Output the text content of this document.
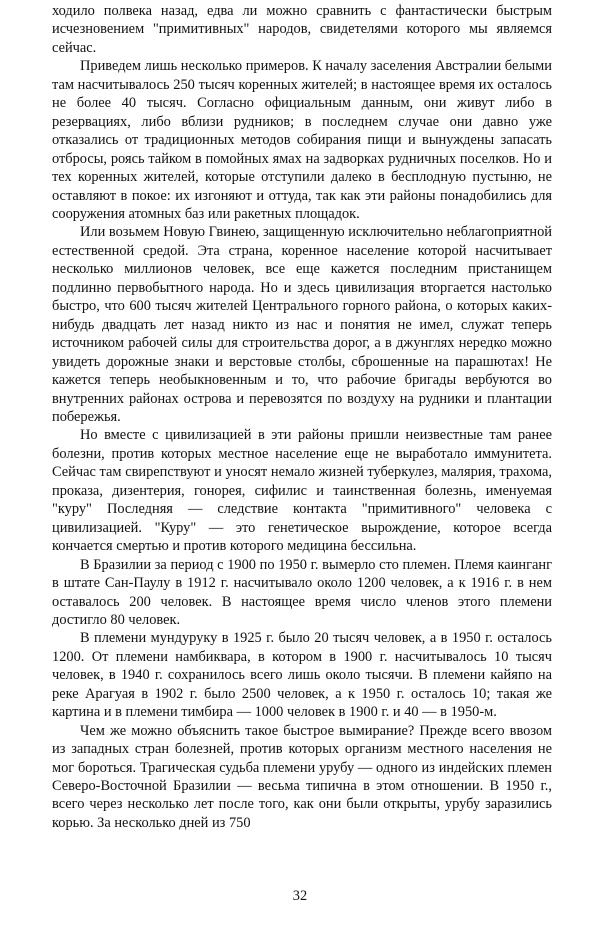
ходило полвека назад, едва ли можно сравнить с фантастически быстрым исчезновением "примитивных" народов, свидетелями которого мы являемся сейчас.

Приведем лишь несколько примеров. К началу заселения Австралии белыми там насчитывалось 250 тысяч коренных жителей; в настоящее время их осталось не более 40 тысяч. Согласно официальным данным, они живут либо в резервациях, либо вблизи рудников; в последнем случае они давно уже отказались от традиционных методов собирания пищи и вынуждены запасать отбросы, роясь тайком в помойных ямах на задворках рудничных поселков. Но и тех коренных жителей, которые отступили далеко в бесплодную пустыню, не оставляют в покое: их изгоняют и оттуда, так как эти районы понадобились для сооружения атомных баз или ракетных площадок.

Или возьмем Новую Гвинею, защищенную исключительно неблагоприятной естественной средой. Эта страна, коренное население которой насчитывает несколько миллионов человек, все еще кажется последним пристанищем подлинно первобытного народа. Но и здесь цивилизация вторгается настолько быстро, что 600 тысяч жителей Центрального горного района, о которых каких-нибудь двадцать лет назад никто из нас и понятия не имел, служат теперь источником рабочей силы для строительства дорог, а в джунглях нередко можно увидеть дорожные знаки и верстовые столбы, сброшенные на парашютах! Не кажется теперь необыкновенным и то, что рабочие бригады вербуются во внутренних районах острова и перевозятся по воздуху на рудники и плантации побережья.

Но вместе с цивилизацией в эти районы пришли неизвестные там ранее болезни, против которых местное население еще не выработало иммунитета. Сейчас там свирепствуют и уносят немало жизней туберкулез, малярия, трахома, проказа, дизентерия, гонорея, сифилис и таинственная болезнь, именуемая "куру" Последняя — следствие контакта "примитивного" человека с цивилизацией. "Куру" — это генетическое вырождение, которое всегда кончается смертью и против которого медицина бессильна.

В Бразилии за период с 1900 по 1950 г. вымерло сто племен. Племя каинганг в штате Сан-Паулу в 1912 г. насчитывало около 1200 человек, а к 1916 г. в нем оставалось 200 человек. В настоящее время число членов этого племени достигло 80 человек.

В племени мундуруку в 1925 г. было 20 тысяч человек, а в 1950 г. осталось 1200. От племени намбиквара, в котором в 1900 г. насчитывалось 10 тысяч человек, в 1940 г. сохранилось всего лишь около тысячи. В племени кайяпо на реке Арагуая в 1902 г. было 2500 человек, а к 1950 г. осталось 10; такая же картина и в племени тимбира — 1000 человек в 1900 г. и 40 — в 1950-м.

Чем же можно объяснить такое быстрое вымирание? Прежде всего ввозом из западных стран болезней, против которых организм местного населения не мог бороться. Трагическая судьба племени урубу — одного из индейских племен Северо-Восточной Бразилии — весьма типична в этом отношении. В 1950 г., всего через несколько лет после того, как они были открыты, урубу заразились корью. За несколько дней из 750

32
